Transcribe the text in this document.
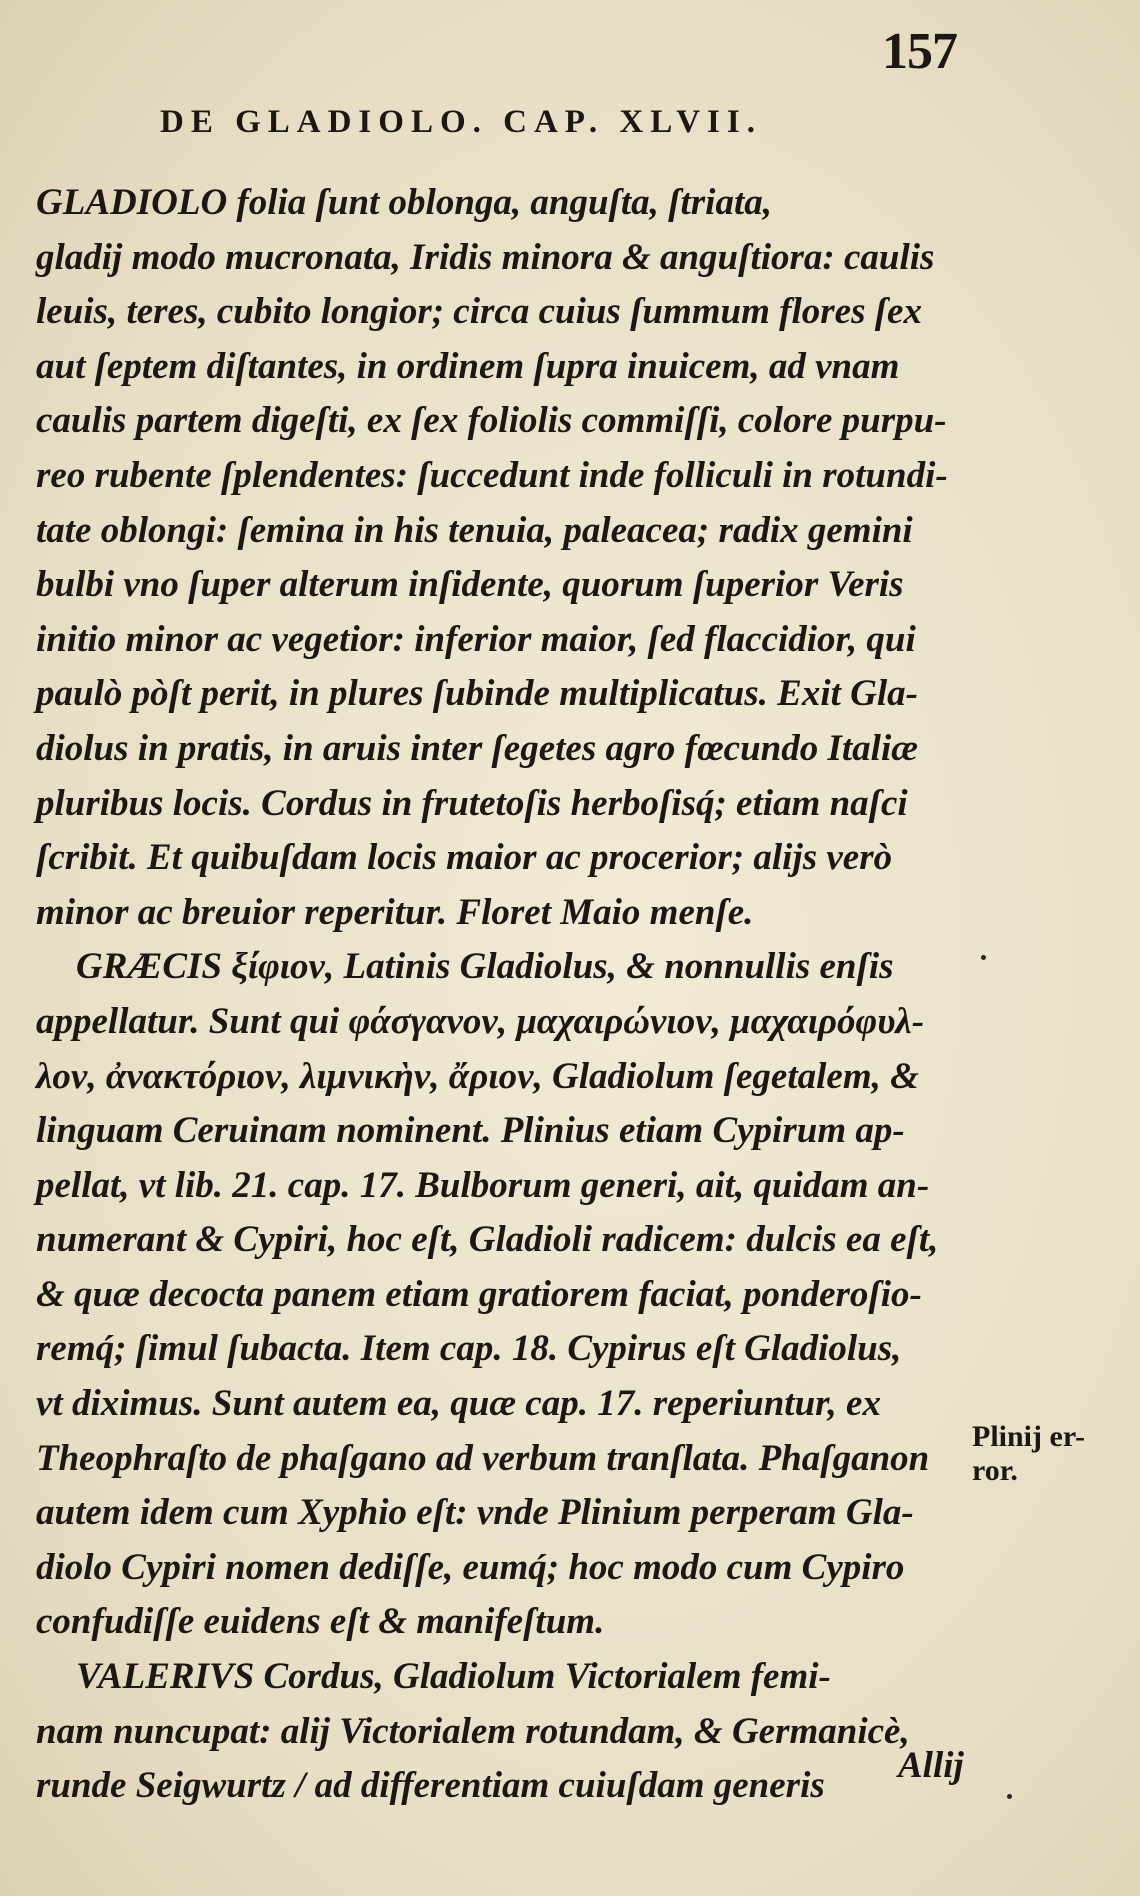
157
DE GLADIOLO. CAP. XLVII.
GLADIOLO folia ſunt oblonga, anguſta, ſtriata,
gladij modo mucronata, Iridis minora & anguſtiora: caulis
leuis, teres, cubito longior; circa cuius ſummum flores ſex
aut ſeptem diſtantes, in ordinem ſupra inuicem, ad vnam
caulis partem digeſti, ex ſex foliolis commiſſi, colore purpu-
reo rubente ſplendentes: ſuccedunt inde folliculi in rotundi-
tate oblongi: ſemina in his tenuia, paleacea; radix gemini
bulbi vno ſuper alterum inſidente, quorum ſuperior Veris
initio minor ac vegetior: inferior maior, ſed flaccidior, qui
paulò pòſt perit, in plures ſubinde multiplicatus. Exit Gla-
diolus in pratis, in aruis inter ſegetes agro fœcundo Italiæ
pluribus locis. Cordus in frutetoſis herboſisq́; etiam naſci
ſcribit. Et quibuſdam locis maior ac procerior; alijs verò
minor ac breuior reperitur. Floret Maio menſe.
GRÆCIS ξίφιον, Latinis Gladiolus, & nonnullis enſis
appellatur. Sunt qui φάσγανον, μαχαιρώνιον, μαχαιρόφυλ-
λον, ἀνακτόριον, λιμνικὴν, ἄριον, Gladiolum ſegetalem, &
linguam Ceruinam nominent. Plinius etiam Cypirum ap-
pellat, vt lib. 21. cap. 17. Bulborum generi, ait, quidam an-
numerant & Cypiri, hoc eſt, Gladioli radicem: dulcis ea eſt,
& quæ decocta panem etiam gratiorem faciat, ponderoſio-
remq́; ſimul ſubacta. Item cap. 18. Cypirus eſt Gladiolus,
vt diximus. Sunt autem ea, quæ cap. 17. reperiuntur, ex
Theophraſto de phaſgano ad verbum tranſlata. Phaſganon
autem idem cum Xyphio eſt: vnde Plinium perperam Gla-
diolo Cypiri nomen dediſſe, eumq́; hoc modo cum Cypiro
confudiſſe euidens eſt & manifeſtum.
VALERIVS Cordus, Gladiolum Victorialem femi-
nam nuncupat: alij Victorialem rotundam, & Germanicè,
runde Seigwurtz / ad differentiam cuiuſdam generis
Plinij er-
ror.
Allij
